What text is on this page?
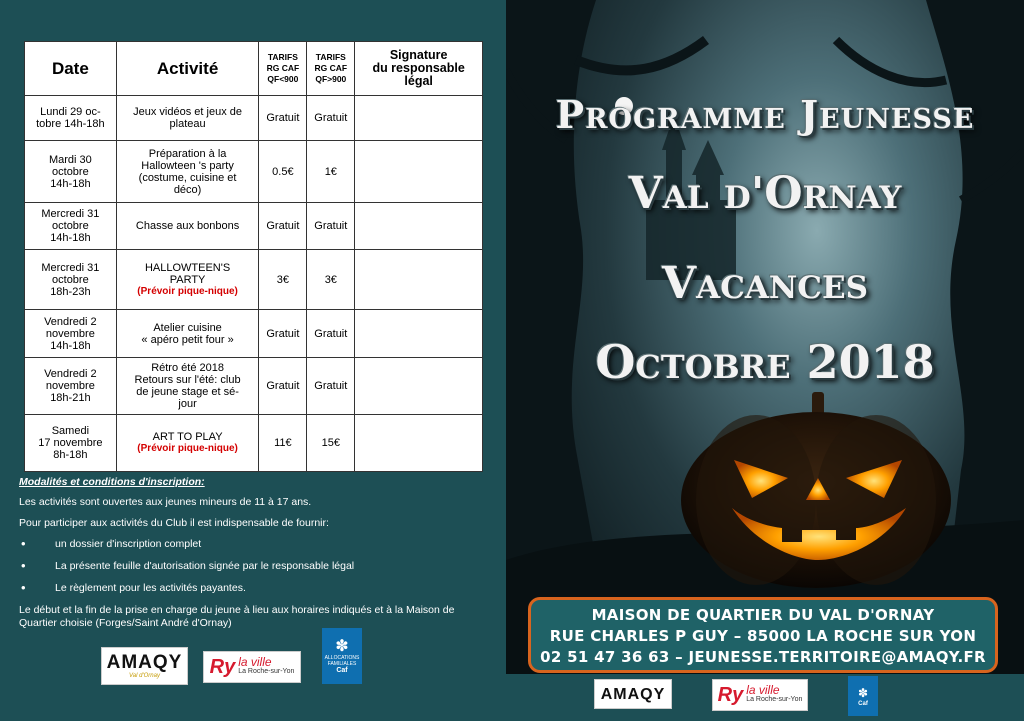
Date	Activité	TARIFS
RG CAF
QF<900	TARIFS
RG CAF
QF>900	Signature
du responsable
légal

Lundi 29 oc-
tobre 14h-18h	Jeux vidéos et jeux de
plateau	Gratuit	Gratuit	

Mardi 30
octobre
14h-18h	Préparation à la
Hallowteen 's party
(costume, cuisine et
déco)	0.5€	1€	

Mercredi 31
octobre
14h-18h	Chasse aux bonbons	Gratuit	Gratuit	

Mercredi 31
octobre
18h-23h	HALLOWTEEN'S
PARTY
(Prévoir pique-nique)	3€	3€	

Vendredi 2
novembre
14h-18h	Atelier cuisine
« apéro petit four »	Gratuit	Gratuit	

Vendredi 2
novembre
18h-21h	Rétro été 2018
Retours sur l'été: club
de jeune stage et sé-
jour	Gratuit	Gratuit	

Samedi
17 novembre
8h-18h	ART TO PLAY
(Prévoir pique-nique)	11€	15€	
Modalités et conditions d'inscription:

Les activités sont ouvertes aux jeunes mineurs de 11 à 17 ans.

Pour participer aux activités du Club il est indispensable de fournir:

• un dossier d'inscription complet
• La présente feuille d'autorisation signée par le responsable légal
• Le règlement pour les activités payantes.

Le début et la fin de la prise en charge du jeune à lieu aux horaires indiqués et à la Maison de Quartier choisie (Forges/Saint André d'Ornay)

AMAQY
Val d'Ornay Ry la ville
La Roche-sur-Yon
✽
ALLOCATIONS FAMILIALES
Caf
Programme Jeunesse
Val d'Ornay
Vacances
Octobre 2018
MAISON DE QUARTIER DU VAL D'ORNAY
RUE CHARLES P GUY – 85000 LA ROCHE SUR YON
02 51 47 36 63 – JEUNESSE.TERRITOIRE@AMAQY.FR
AMAQY	Ry la ville
La Roche-sur-Yon	✽
Caf
